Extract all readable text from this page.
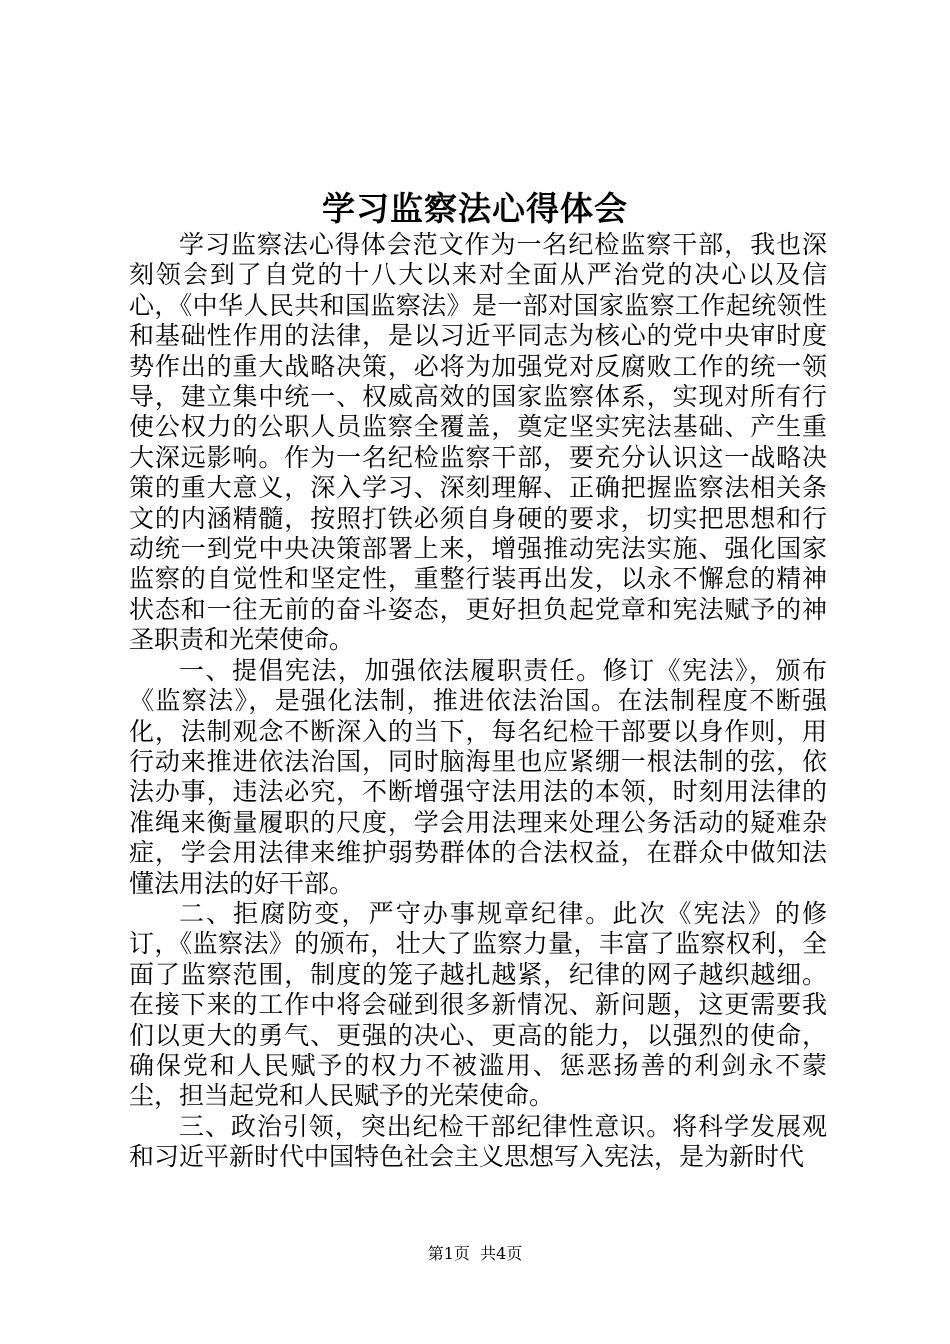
学习监察法心得体会

学习监察法心得体会范文作为一名纪检监察干部，我也深刻领会到了自党的十八大以来对全面从严治党的决心以及信心，《中华人民共和国监察法》是一部对国家监察工作起统领性和基础性作用的法律，是以习近平同志为核心的党中央审时度势作出的重大战略决策，必将为加强党对反腐败工作的统一领导，建立集中统一、权威高效的国家监察体系，实现对所有行使公权力的公职人员监察全覆盖，奠定坚实宪法基础、产生重大深远影响。作为一名纪检监察干部，要充分认识这一战略决策的重大意义，深入学习、深刻理解、正确把握监察法相关条文的内涵精髓，按照打铁必须自身硬的要求，切实把思想和行动统一到党中央决策部署上来，增强推动宪法实施、强化国家监察的自觉性和坚定性，重整行装再出发，以永不懈怠的精神状态和一往无前的奋斗姿态，更好担负起党章和宪法赋予的神圣职责和光荣使命。

一、提倡宪法，加强依法履职责任。修订《宪法》，颁布《监察法》，是强化法制，推进依法治国。在法制程度不断强化，法制观念不断深入的当下，每名纪检干部要以身作则，用行动来推进依法治国，同时脑海里也应紧绷一根法制的弦，依法办事，违法必究，不断增强守法用法的本领，时刻用法律的准绳来衡量履职的尺度，学会用法理来处理公务活动的疑难杂症，学会用法律来维护弱势群体的合法权益，在群众中做知法懂法用法的好干部。

二、拒腐防变，严守办事规章纪律。此次《宪法》的修订，《监察法》的颁布，壮大了监察力量，丰富了监察权利，全面了监察范围，制度的笼子越扎越紧，纪律的网子越织越细。在接下来的工作中将会碰到很多新情况、新问题，这更需要我们以更大的勇气、更强的决心、更高的能力，以强烈的使命，确保党和人民赋予的权力不被滥用、惩恶扬善的利剑永不蒙尘，担当起党和人民赋予的光荣使命。

三、政治引领，突出纪检干部纪律性意识。将科学发展观和习近平新时代中国特色社会主义思想写入宪法，是为新时代

第1页 共4页
